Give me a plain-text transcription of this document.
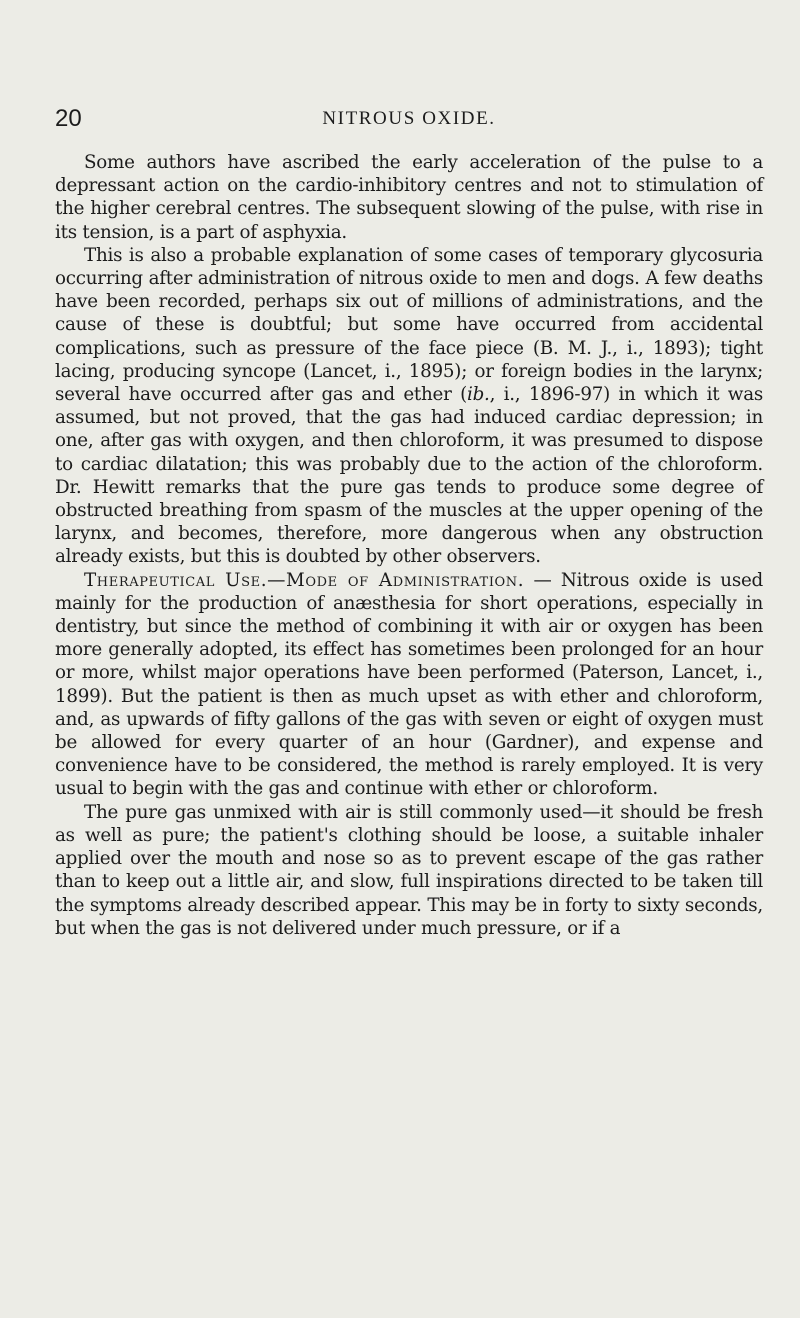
20	NITROUS OXIDE.

Some authors have ascribed the early acceleration of the pulse to a depressant action on the cardio-inhibitory centres and not to stimulation of the higher cerebral centres. The subsequent slowing of the pulse, with rise in its tension, is a part of asphyxia.

This is also a probable explanation of some cases of temporary glycosuria occurring after administration of nitrous oxide to men and dogs. A few deaths have been recorded, perhaps six out of millions of administrations, and the cause of these is doubtful; but some have occurred from accidental complications, such as pressure of the face piece (B. M. J., i., 1893); tight lacing, producing syncope (Lancet, i., 1895); or foreign bodies in the larynx; several have occurred after gas and ether (ib., i., 1896-97) in which it was assumed, but not proved, that the gas had induced cardiac depression; in one, after gas with oxygen, and then chloroform, it was presumed to dispose to cardiac dilatation; this was probably due to the action of the chloroform. Dr. Hewitt remarks that the pure gas tends to produce some degree of obstructed breathing from spasm of the muscles at the upper opening of the larynx, and becomes, therefore, more dangerous when any obstruction already exists, but this is doubted by other observers.

Therapeutical Use.—Mode of Administration. — Nitrous oxide is used mainly for the production of anæsthesia for short operations, especially in dentistry, but since the method of combining it with air or oxygen has been more generally adopted, its effect has sometimes been prolonged for an hour or more, whilst major operations have been performed (Paterson, Lancet, i., 1899). But the patient is then as much upset as with ether and chloroform, and, as upwards of fifty gallons of the gas with seven or eight of oxygen must be allowed for every quarter of an hour (Gardner), and expense and convenience have to be considered, the method is rarely employed. It is very usual to begin with the gas and continue with ether or chloroform.

The pure gas unmixed with air is still commonly used—it should be fresh as well as pure; the patient's clothing should be loose, a suitable inhaler applied over the mouth and nose so as to prevent escape of the gas rather than to keep out a little air, and slow, full inspirations directed to be taken till the symptoms already described appear. This may be in forty to sixty seconds, but when the gas is not delivered under much pressure, or if a
